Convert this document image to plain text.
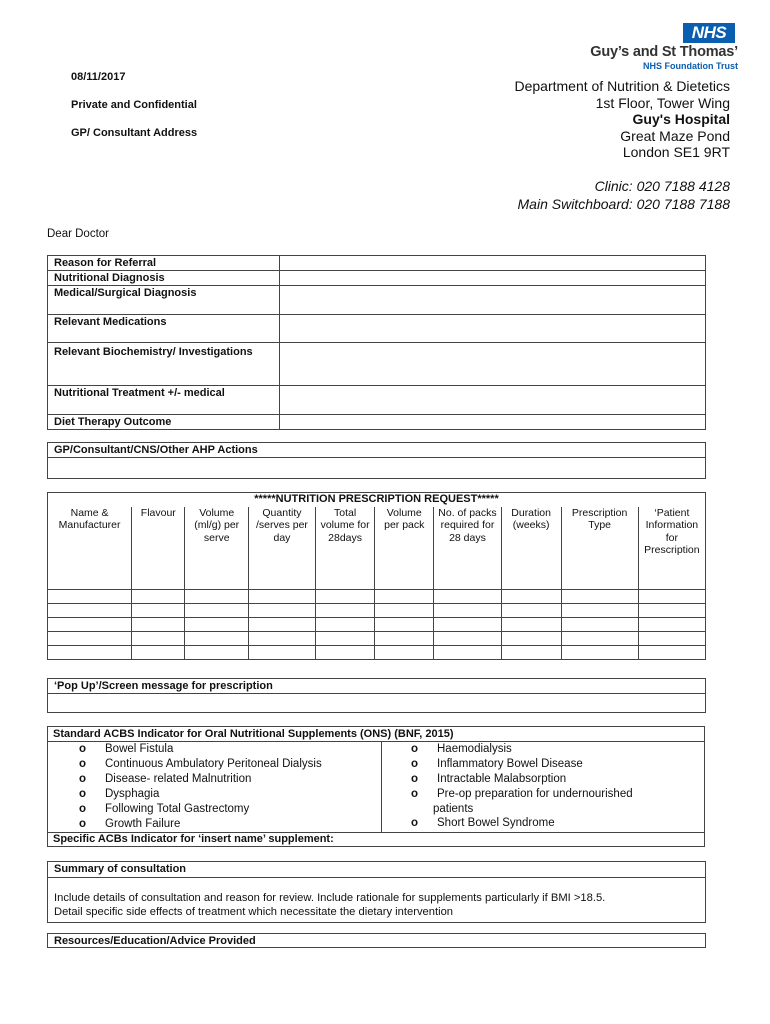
NHS
Guy’s and St Thomas’
NHS Foundation Trust
08/11/2017
Private and Confidential
GP/ Consultant Address
Department of Nutrition & Dietetics
1st Floor, Tower Wing
Guy's Hospital
Great Maze Pond
London SE1 9RT
Clinic: 020 7188 4128
Main Switchboard: 020 7188 7188
Dear Doctor
Reason for Referral	
Nutritional Diagnosis	
Medical/Surgical Diagnosis	
Relevant Medications	
Relevant Biochemistry/ Investigations	
Nutritional Treatment +/- medical	
Diet Therapy Outcome	
GP/Consultant/CNS/Other AHP Actions
*****NUTRITION PRESCRIPTION REQUEST*****									
Name & Manufacturer	Flavour	Volume (ml/g) per serve	Quantity /serves per day	Total volume for 28days	Volume per pack	No. of packs required for 28 days	Duration (weeks)	Prescription Type	‘Patient Information for Prescription

‘Pop Up’/Screen message for prescription
Standard ACBS Indicator for Oral Nutritional Supplements (ONS) (BNF, 2015)
o Bowel Fistula
o Continuous Ambulatory Peritoneal Dialysis
o Disease- related Malnutrition
o Dysphagia
o Following Total Gastrectomy
o Growth Failure
o Haemodialysis
o Inflammatory Bowel Disease
o Intractable Malabsorption
o Pre-op preparation for undernourished
patients
o Short Bowel Syndrome
Specific ACBs Indicator for ‘insert name’ supplement:
Summary of consultation
Include details of consultation and reason for review. Include rationale for supplements particularly if BMI >18.5.
Detail specific side effects of treatment which necessitate the dietary intervention
Resources/Education/Advice Provided
